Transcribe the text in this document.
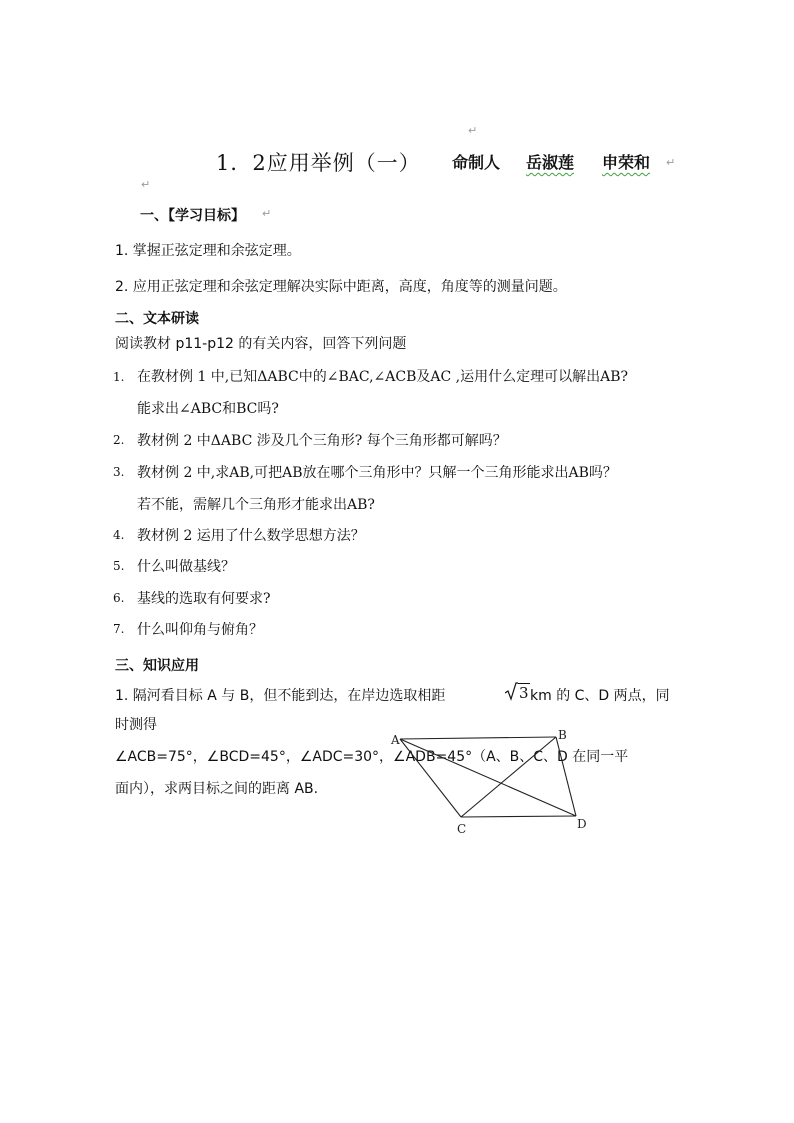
↵
↵
↵
↵
1．2应用举例（一） 命制人 岳淑莲 申荣和
一、【学习目标】
1. 掌握正弦定理和余弦定理。
2. 应用正弦定理和余弦定理解决实际中距离，高度，角度等的测量问题。
二、文本研读
阅读教材 p11-p12 的有关内容，回答下列问题
1. 在教材例 1 中,已知ΔABC中的∠BAC,∠ACB及AC ,运用什么定理可以解出AB?
能求出∠ABC和BC吗?
2. 教材例 2 中ΔABC 涉及几个三角形? 每个三角形都可解吗？
3. 教材例 2 中,求AB,可把AB放在哪个三角形中？只解一个三角形能求出AB吗？
若不能，需解几个三角形才能求出AB?
4. 教材例 2 运用了什么数学思想方法？
5. 什么叫做基线？
6. 基线的选取有何要求?
7. 什么叫仰角与俯角？
三、知识应用
1. 隔河看目标 A 与 B，但不能到达，在岸边选取相距	3 km 的 C、D 两点，同
时测得
∠ACB=75°，∠BCD=45°，∠ADC=30°，∠ADB=45°（A、B、C、D 在同一平
面内），求两目标之间的距离 AB.
A	B
C	D
